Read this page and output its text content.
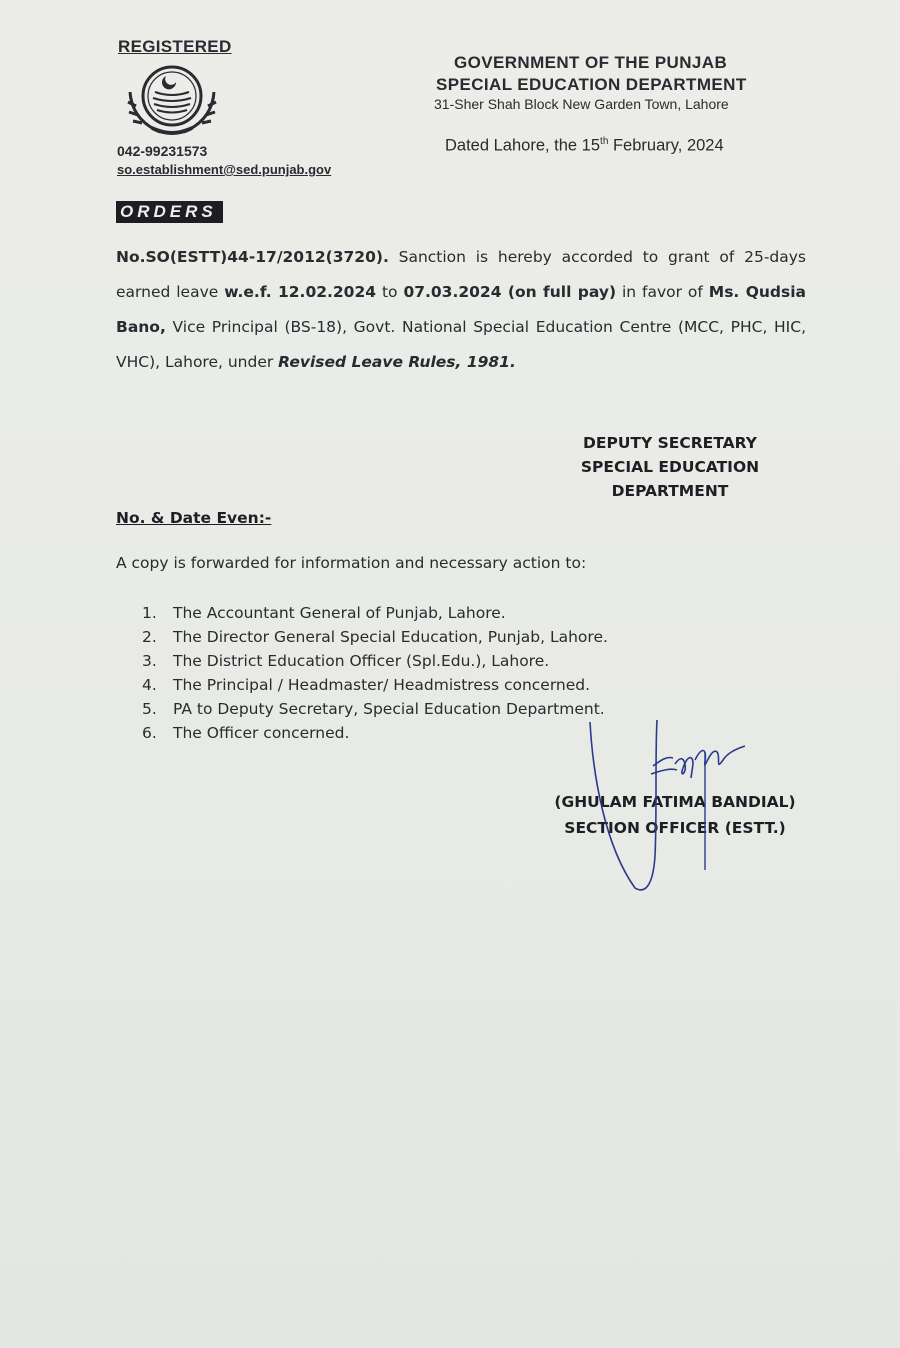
REGISTERED
042-99231573
so.establishment@sed.punjab.gov
GOVERNMENT OF THE PUNJAB
SPECIAL EDUCATION DEPARTMENT
31-Sher Shah Block New Garden Town, Lahore
Dated Lahore, the 15th February, 2024
ORDERS
No.SO(ESTT)44-17/2012(3720). Sanction is hereby accorded to grant of 25-days earned leave w.e.f. 12.02.2024 to 07.03.2024 (on full pay) in favor of Ms. Qudsia Bano, Vice Principal (BS-18), Govt. National Special Education Centre (MCC, PHC, HIC, VHC), Lahore, under Revised Leave Rules, 1981.
DEPUTY SECRETARY
SPECIAL EDUCATION
DEPARTMENT
No. & Date Even:-
A copy is forwarded for information and necessary action to:
1.	The Accountant General of Punjab, Lahore.
2.	The Director General Special Education, Punjab, Lahore.
3.	The District Education Officer (Spl.Edu.), Lahore.
4.	The Principal / Headmaster/ Headmistress concerned.
5.	PA to Deputy Secretary, Special Education Department.
6.	The Officer concerned.
(GHULAM FATIMA BANDIAL)
SECTION OFFICER (ESTT.)
